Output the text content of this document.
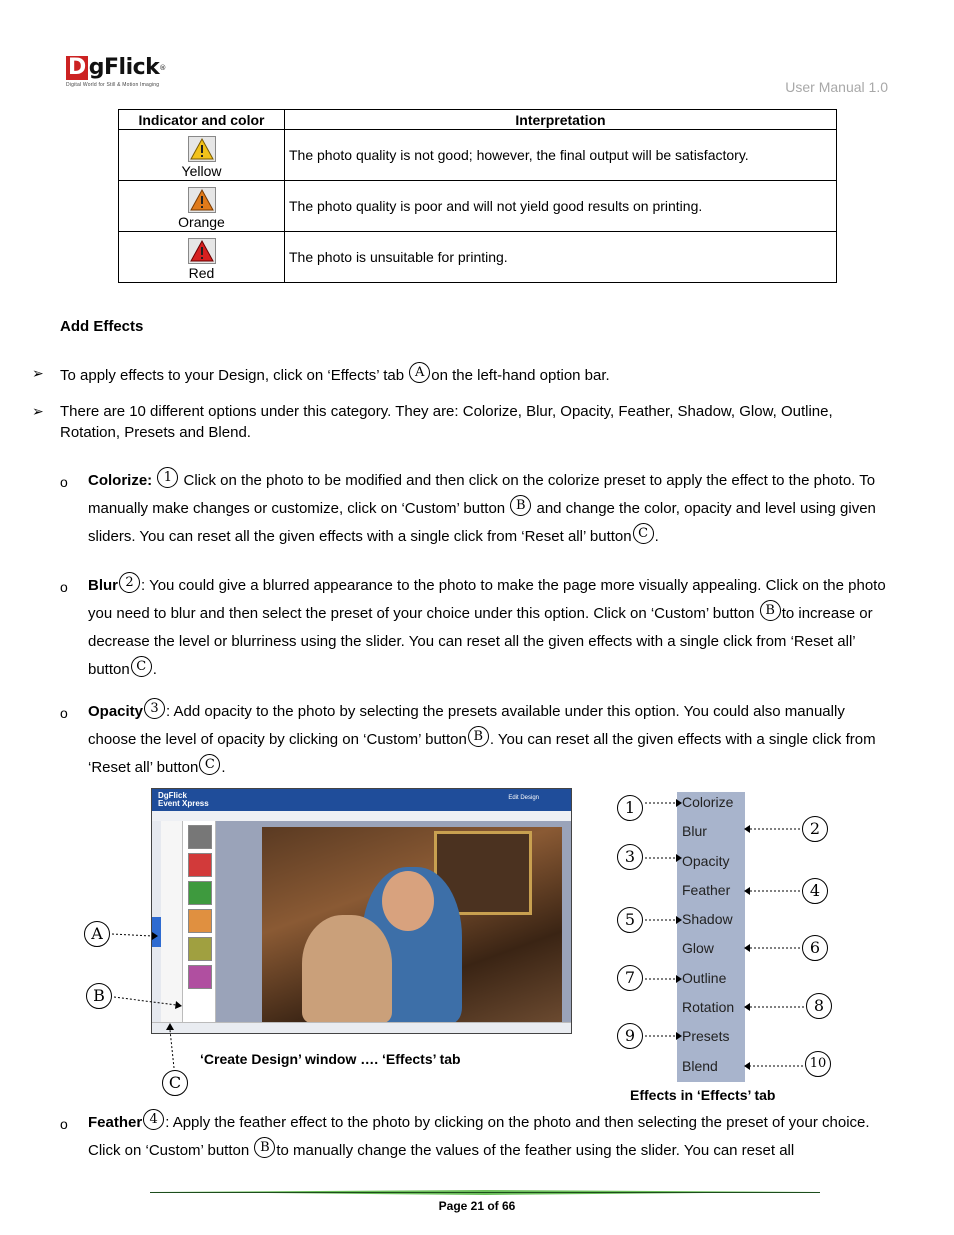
D gFlick®
Digital World for Still & Motion Imaging	User Manual 1.0
Indicator and color	Interpretation

Yellow	The photo quality is not good; however, the final output will be satisfactory.

Orange	The photo quality is poor and will not yield good results on printing.

Red	The photo is unsuitable for printing.
Add Effects
➢ To apply effects to your Design, click on ‘Effects’ tab A on the left-hand option bar.
➢ There are 10 different options under this category. They are: Colorize, Blur, Opacity, Feather, Shadow, Glow, Outline, Rotation, Presets and Blend.
o Colorize: 1 Click on the photo to be modified and then click on the colorize preset to apply the effect to the photo. To manually make changes or customize, click on ‘Custom’ button B and change the color, opacity and level using given sliders. You can reset all the given effects with a single click from ‘Reset all’ button C .
o Blur 2 : You could give a blurred appearance to the photo to make the page more visually appealing. Click on the photo you need to blur and then select the preset of your choice under this option. Click on ‘Custom’ button B to increase or decrease the level or blurriness using the slider. You can reset all the given effects with a single click from ‘Reset all’ button C .
o Opacity 3 : Add opacity to the photo by selecting the presets available under this option. You could also manually choose the level of opacity by clicking on ‘Custom’ button B . You can reset all the given effects with a single click from ‘Reset all’ button C .
DgFlick
Event Xpress
Edit Design
A
B
C
‘Create Design’ window …. ‘Effects’ tab
Colorize
Blur
Opacity
Feather
Shadow
Glow
Outline
Rotation
Presets
Blend
1
2
3
4
5
6
7
8
9
10
Effects in ‘Effects’ tab
o Feather 4 : Apply the feather effect to the photo by clicking on the photo and then selecting the preset of your choice. Click on ‘Custom’ button B to manually change the values of the feather using the slider. You can reset all
Page 21 of 66
